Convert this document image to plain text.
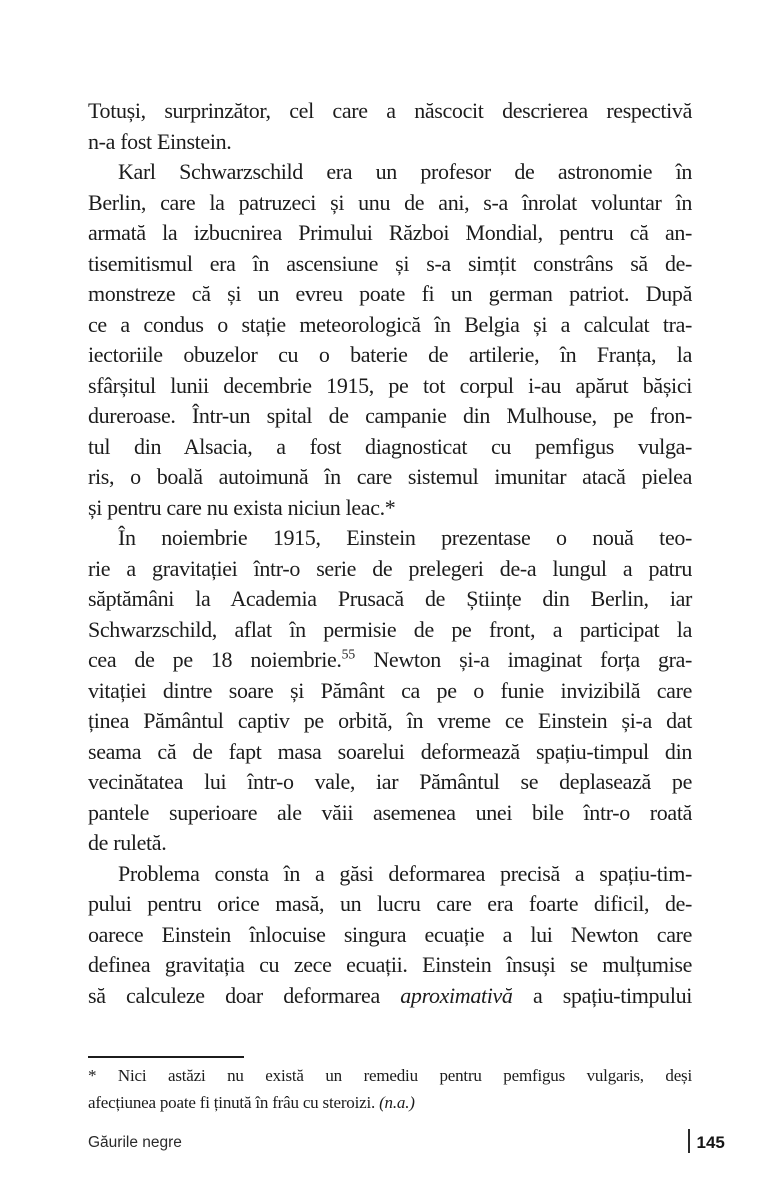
Totuși, surprinzător, cel care a născocit descrierea respectivă
n-a fost Einstein.
Karl Schwarzschild era un profesor de astronomie în
Berlin, care la patruzeci și unu de ani, s-a înrolat voluntar în
armată la izbucnirea Primului Război Mondial, pentru că an-
tisemitismul era în ascensiune și s-a simțit constrâns să de-
monstreze că și un evreu poate fi un german patriot. După
ce a condus o stație meteorologică în Belgia și a calculat tra-
iectoriile obuzelor cu o baterie de artilerie, în Franța, la
sfârșitul lunii decembrie 1915, pe tot corpul i-au apărut bășici
dureroase. Într-un spital de campanie din Mulhouse, pe fron-
tul din Alsacia, a fost diagnosticat cu pemfigus vulga-
ris, o boală autoimună în care sistemul imunitar atacă pielea
și pentru care nu exista niciun leac.*
În noiembrie 1915, Einstein prezentase o nouă teo-
rie a gravitației într-o serie de prelegeri de-a lungul a patru
săptămâni la Academia Prusacă de Științe din Berlin, iar
Schwarzschild, aflat în permisie de pe front, a participat la
cea de pe 18 noiembrie.$^{55}$ Newton și-a imaginat forța gra-
vitației dintre soare și Pământ ca pe o funie invizibilă care
ținea Pământul captiv pe orbită, în vreme ce Einstein și-a dat
seama că de fapt masa soarelui deformează spațiu-timpul din
vecinătatea lui într-o vale, iar Pământul se deplasează pe
pantele superioare ale văii asemenea unei bile într-o roată
de ruletă.
Problema consta în a găsi deformarea precisă a spațiu-tim-
pului pentru orice masă, un lucru care era foarte dificil, de-
oarece Einstein înlocuise singura ecuație a lui Newton care
definea gravitația cu zece ecuații. Einstein însuși se mulțumise
să calculeze doar deformarea aproximativă a spațiu-timpului
* Nici astăzi nu există un remediu pentru pemfigus vulgaris, deși
afecțiunea poate fi ținută în frâu cu steroizi. (n.a.)
Găurile negre	145
